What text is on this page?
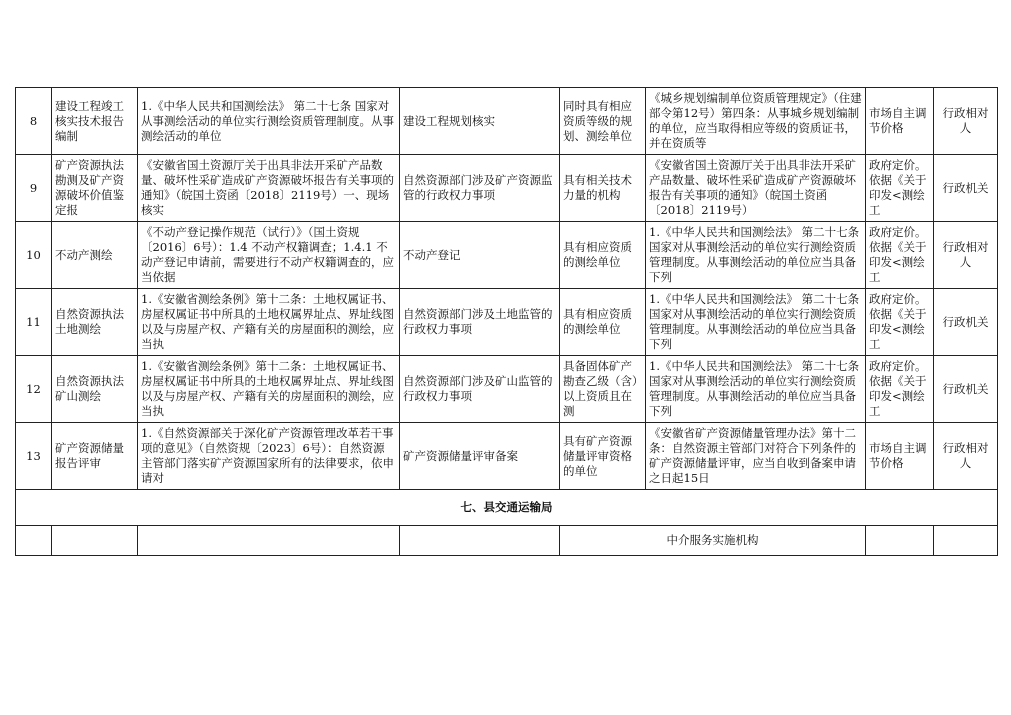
8	建设工程竣工核实技术报告编制	1.《中华人民共和国测绘法》 第二十七条 国家对从事测绘活动的单位实行测绘资质管理制度。从事测绘活动的单位	建设工程规划核实	同时具有相应资质等级的规划、测绘单位	《城乡规划编制单位资质管理规定》（住建部令第12号）第四条：从事城乡规划编制的单位，应当取得相应等级的资质证书，并在资质等	市场自主调节价格	行政相对人

9	矿产资源执法勘测及矿产资源破坏价值鉴定报	《安徽省国土资源厅关于出具非法开采矿产品数量、破坏性采矿造成矿产资源破坏报告有关事项的通知》（皖国土资函〔2018〕2119号）一、现场核实	自然资源部门涉及矿产资源监管的行政权力事项	具有相关技术力量的机构	《安徽省国土资源厅关于出具非法开采矿产品数量、破坏性采矿造成矿产资源破坏报告有关事项的通知》（皖国土资函〔2018〕2119号）	政府定价。依据《关于印发<测绘工	行政机关

10	不动产测绘	《不动产登记操作规范（试行）》（国土资规〔2016〕6号）：1.4 不动产权籍调查；1.4.1 不动产登记申请前，需要进行不动产权籍调查的，应当依据	不动产登记	具有相应资质的测绘单位	1.《中华人民共和国测绘法》 第二十七条 国家对从事测绘活动的单位实行测绘资质管理制度。从事测绘活动的单位应当具备下列	政府定价。依据《关于印发<测绘工	行政相对人

11	自然资源执法土地测绘	1.《安徽省测绘条例》第十二条：土地权属证书、房屋权属证书中所具的土地权属界址点、界址线图以及与房屋产权、产籍有关的房屋面积的测绘，应当执	自然资源部门涉及土地监管的行政权力事项	具有相应资质的测绘单位	1.《中华人民共和国测绘法》 第二十七条 国家对从事测绘活动的单位实行测绘资质管理制度。从事测绘活动的单位应当具备下列	政府定价。依据《关于印发<测绘工	行政机关

12	自然资源执法矿山测绘	1.《安徽省测绘条例》第十二条：土地权属证书、房屋权属证书中所具的土地权属界址点、界址线图以及与房屋产权、产籍有关的房屋面积的测绘，应当执	自然资源部门涉及矿山监管的行政权力事项	具备固体矿产勘查乙级（含）以上资质且在测	1.《中华人民共和国测绘法》 第二十七条 国家对从事测绘活动的单位实行测绘资质管理制度。从事测绘活动的单位应当具备下列	政府定价。依据《关于印发<测绘工	行政机关

13	矿产资源储量报告评审	1.《自然资源部关于深化矿产资源管理改革若干事项的意见》（自然资规〔2023〕6号）：自然资源主管部门落实矿产资源国家所有的法律要求，依申请对	矿产资源储量评审备案	具有矿产资源储量评审资格的单位	《安徽省矿产资源储量管理办法》第十二条：自然资源主管部门对符合下列条件的矿产资源储量评审，应当自收到备案申请之日起15日	市场自主调节价格	行政相对人

七、县交通运输局							
				中介服务实施机构			
